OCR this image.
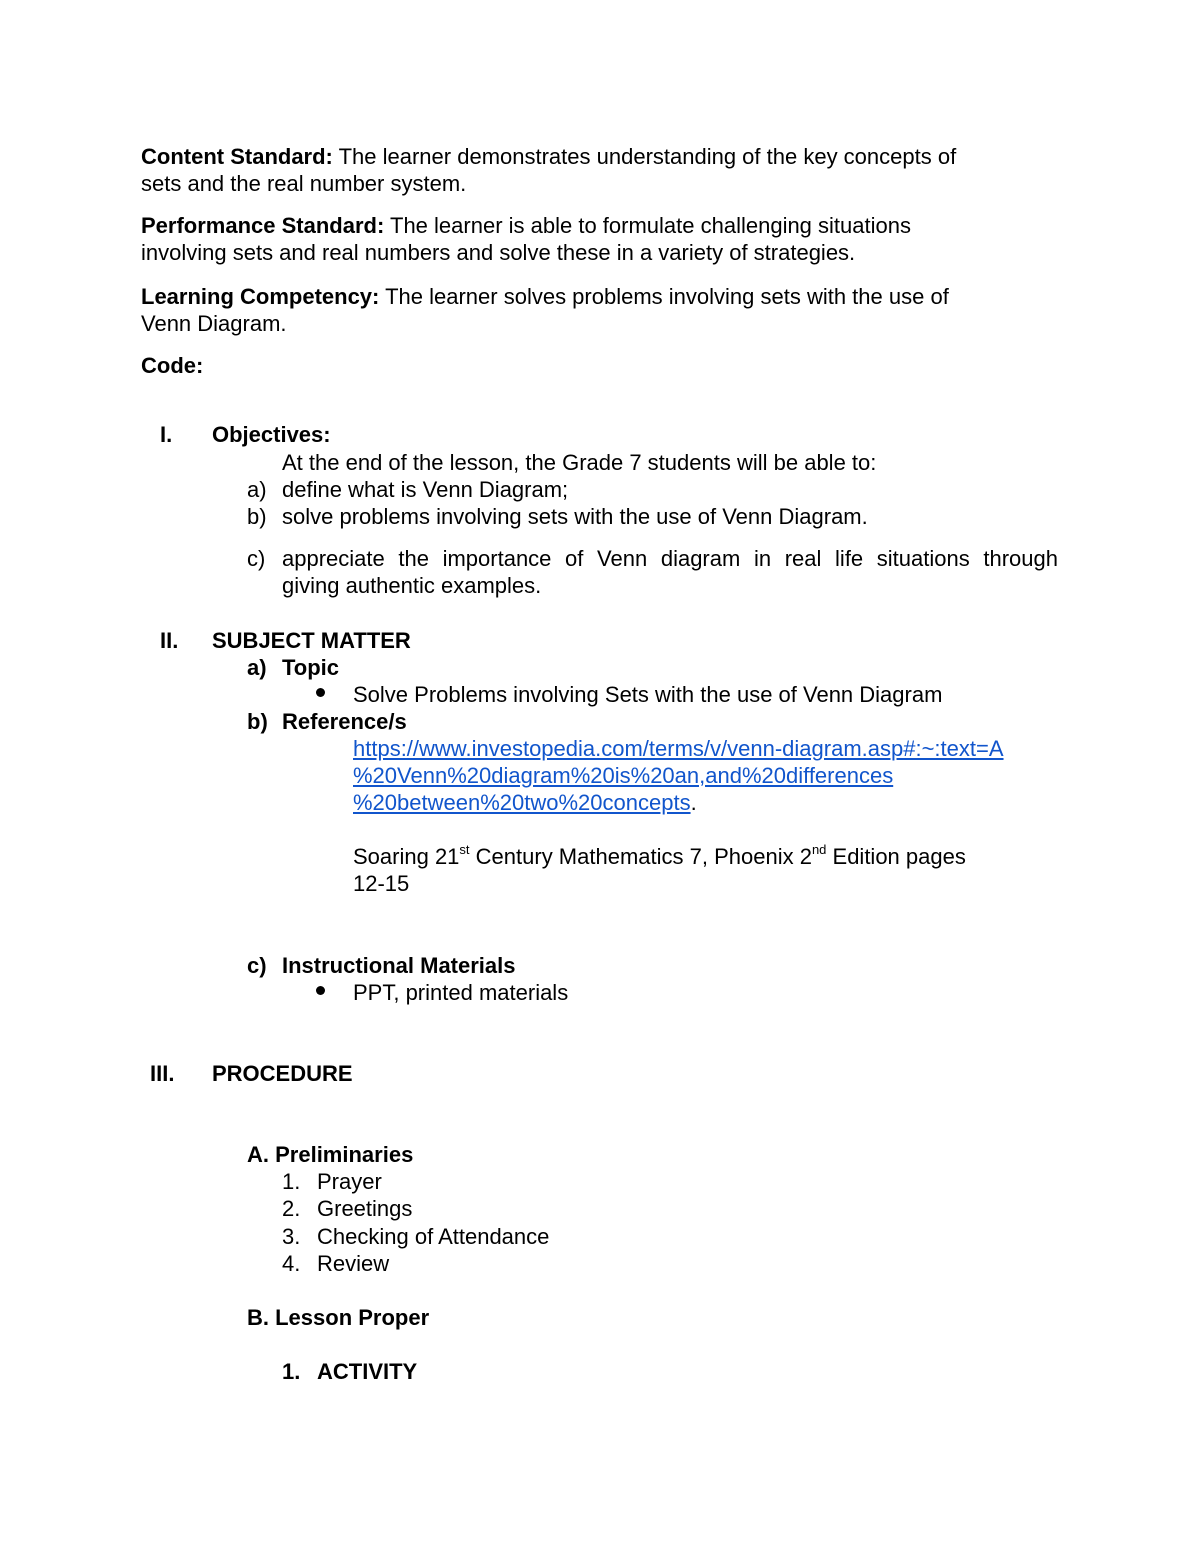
Content Standard: The learner demonstrates understanding of the key concepts of
sets and the real number system.
Performance Standard: The learner is able to formulate challenging situations
involving sets and real numbers and solve these in a variety of strategies.
Learning Competency: The learner solves problems involving sets with the use of
Venn Diagram.
Code:
I. Objectives:
At the end of the lesson, the Grade 7 students will be able to:
a) define what is Venn Diagram;
b) solve problems involving sets with the use of Venn Diagram.
c) appreciate the importance of Venn diagram in real life situations through
giving authentic examples.
II. SUBJECT MATTER
a) Topic
Solve Problems involving Sets with the use of Venn Diagram
b) Reference/s
https://www.investopedia.com/terms/v/venn-diagram.asp#:~:text=A
%20Venn%20diagram%20is%20an,and%20differences
%20between%20two%20concepts.
Soaring 21st Century Mathematics 7, Phoenix 2nd Edition pages
12-15
c) Instructional Materials
PPT, printed materials
III. PROCEDURE
A. Preliminaries
1. Prayer
2. Greetings
3. Checking of Attendance
4. Review
B. Lesson Proper
1. ACTIVITY
